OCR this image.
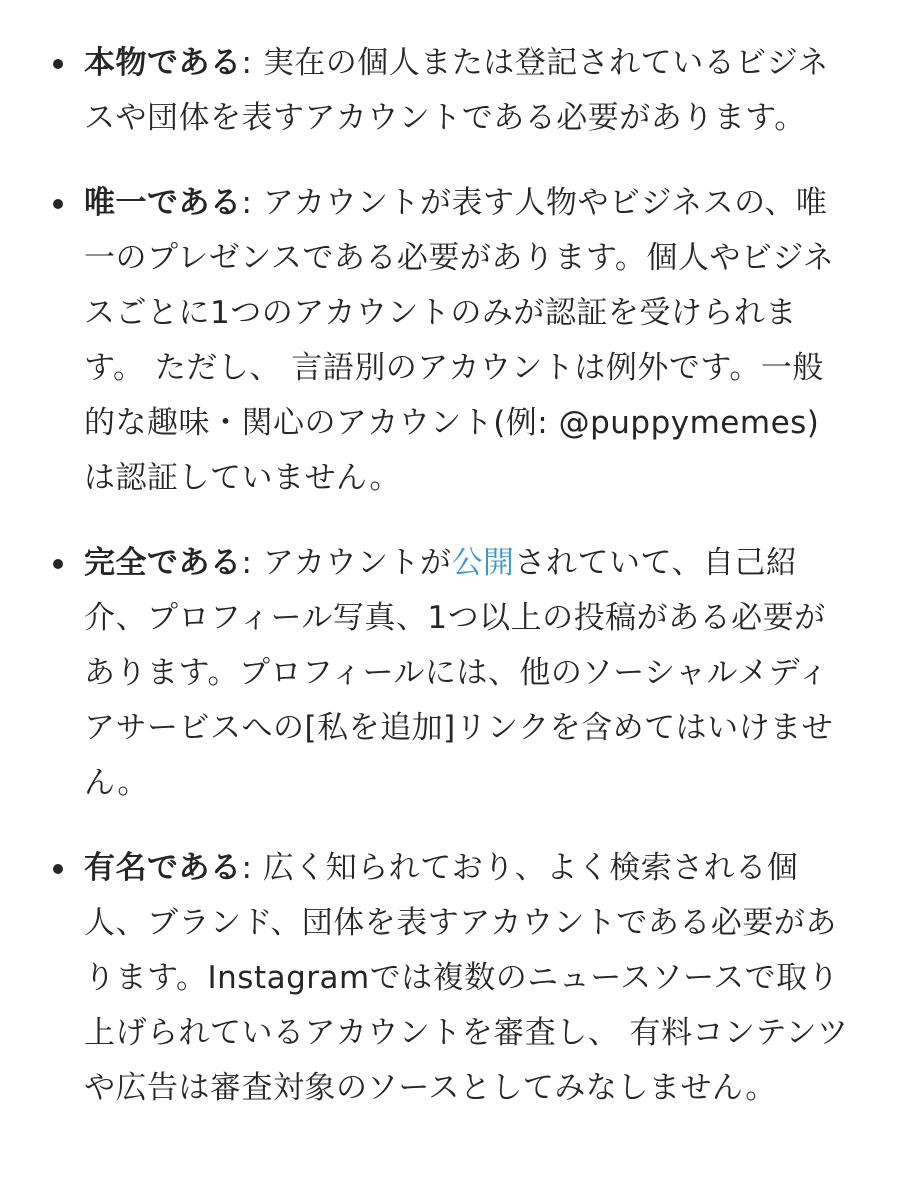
本物である: 実在の個人または登記されているビジネスや団体を表すアカウントである必要があります。
唯一である: アカウントが表す人物やビジネスの、唯一のプレゼンスである必要があります。個人やビジネスごとに1つのアカウントのみが認証を受けられます。 ただし、 言語別のアカウントは例外です。一般的な趣味・関心のアカウント(例: @puppymemes)は認証していません。
完全である: アカウントが公開されていて、自己紹介、プロフィール写真、1つ以上の投稿がある必要があります。プロフィールには、他のソーシャルメディアサービスへの[私を追加]リンクを含めてはいけません。
有名である: 広く知られており、よく検索される個人、ブランド、団体を表すアカウントである必要があります。Instagramでは複数のニュースソースで取り上げられているアカウントを審査し、 有料コンテンツや広告は審査対象のソースとしてみなしません。
